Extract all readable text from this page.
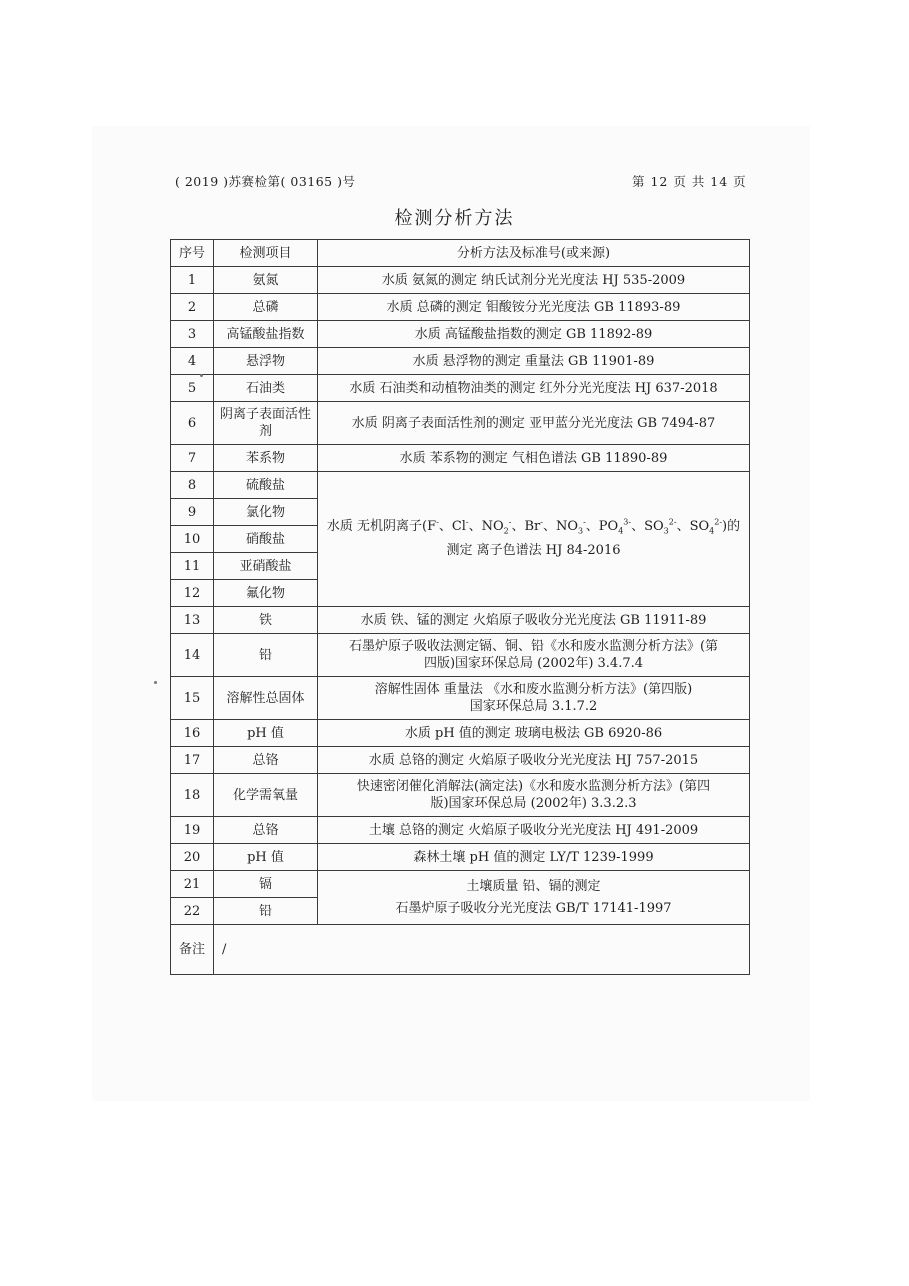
( 2019 )苏赛检第( 03165 )号	第 12 页 共 14 页
检测分析方法
序号	检测项目	分析方法及标准号(或来源)
1	氨氮	水质 氨氮的测定 纳氏试剂分光光度法 HJ 535-2009
2	总磷	水质 总磷的测定 钼酸铵分光光度法 GB 11893-89
3	高锰酸盐指数	水质 高锰酸盐指数的测定 GB 11892-89
4	悬浮物	水质 悬浮物的测定 重量法 GB 11901-89
5	石油类	水质 石油类和动植物油类的测定 红外分光光度法 HJ 637-2018
6	阴离子表面活性剂	水质 阴离子表面活性剂的测定 亚甲蓝分光光度法 GB 7494-87
7	苯系物	水质 苯系物的测定 气相色谱法 GB 11890-89
8	硫酸盐	水质 无机阴离子(F-、Cl-、$NO_2^-$、Br-、$NO_3^-$、$PO_4^{3-}$、$SO_3^{2-}$、$SO_4^{2-}$)的
测定 离子色谱法 HJ 84-2016

9	氯化物	
10	硝酸盐	
11	亚硝酸盐	
12	氟化物	
13	铁	水质 铁、锰的测定 火焰原子吸收分光光度法 GB 11911-89
14	铅	石墨炉原子吸收法测定镉、铜、铅《水和废水监测分析方法》(第
四版)国家环保总局 (2002年) 3.4.7.4

15	溶解性总固体	溶解性固体 重量法 《水和废水监测分析方法》(第四版)
国家环保总局 3.1.7.2

16	pH 值	水质 pH 值的测定 玻璃电极法 GB 6920-86
17	总铬	水质 总铬的测定 火焰原子吸收分光光度法 HJ 757-2015
18	化学需氧量	快速密闭催化消解法(滴定法)《水和废水监测分析方法》(第四
版)国家环保总局 (2002年) 3.3.2.3

19	总铬	土壤 总铬的测定 火焰原子吸收分光光度法 HJ 491-2009
20	pH 值	森林土壤 pH 值的测定 LY/T 1239-1999
21	镉	土壤质量 铅、镉的测定
石墨炉原子吸收分光光度法 GB/T 17141-1997

22	铅	
备注	/	
